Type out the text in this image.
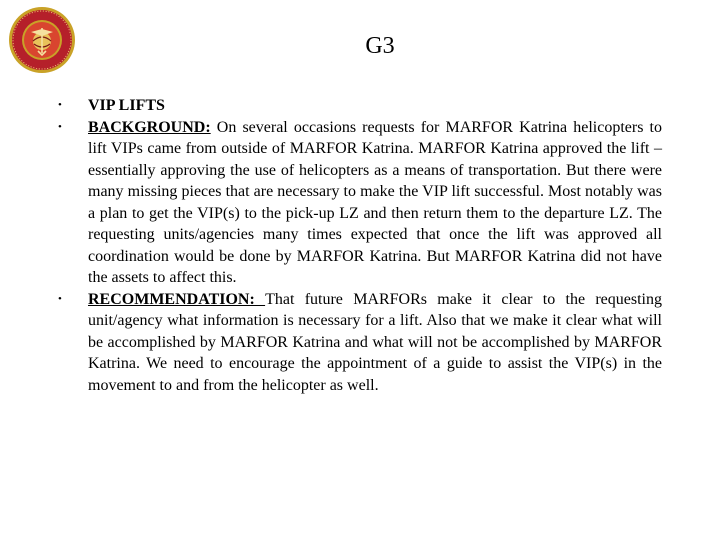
G3
• VIP LIFTS
• BACKGROUND: On several occasions requests for MARFOR Katrina helicopters to lift VIPs came from outside of MARFOR Katrina. MARFOR Katrina approved the lift – essentially approving the use of helicopters as a means of transportation. But there were many missing pieces that are necessary to make the VIP lift successful. Most notably was a plan to get the VIP(s) to the pick-up LZ and then return them to the departure LZ. The requesting units/agencies many times expected that once the lift was approved all coordination would be done by MARFOR Katrina. But MARFOR Katrina did not have the assets to affect this.
• RECOMMENDATION: That future MARFORs make it clear to the requesting unit/agency what information is necessary for a lift. Also that we make it clear what will be accomplished by MARFOR Katrina and what will not be accomplished by MARFOR Katrina. We need to encourage the appointment of a guide to assist the VIP(s) in the movement to and from the helicopter as well.
